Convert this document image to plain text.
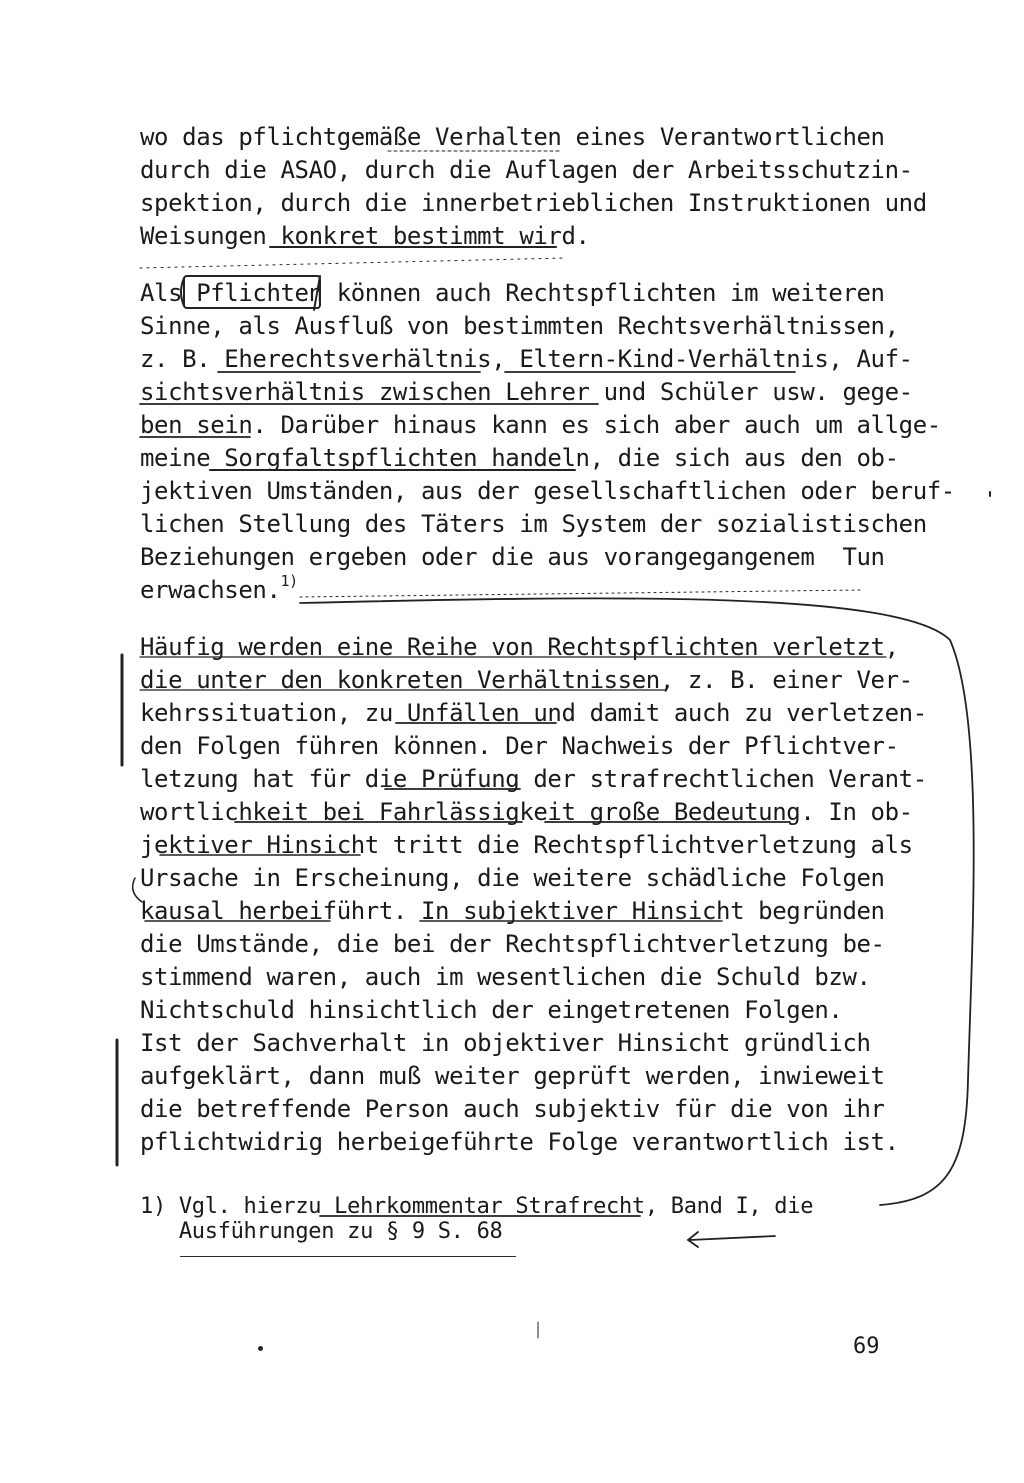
wo das pflichtgemäße Verhalten eines Verantwortlichen

durch die ASAO, durch die Auflagen der Arbeitsschutzin-

spektion, durch die innerbetrieblichen Instruktionen und

Weisungen konkret bestimmt wird.

Als Pflichten können auch Rechtspflichten im weiteren

Sinne, als Ausfluß von bestimmten Rechtsverhältnissen,

z. B. Eherechtsverhältnis, Eltern-Kind-Verhältnis, Auf-

sichtsverhältnis zwischen Lehrer und Schüler usw. gege-

ben sein. Darüber hinaus kann es sich aber auch um allge-

meine Sorgfaltspflichten handeln, die sich aus den ob-

jektiven Umständen, aus der gesellschaftlichen oder beruf-

lichen Stellung des Täters im System der sozialistischen

Beziehungen ergeben oder die aus vorangegangenem  Tun

erwachsen.$^{1)}$

Häufig werden eine Reihe von Rechtspflichten verletzt,

die unter den konkreten Verhältnissen, z. B. einer Ver-

kehrssituation, zu Unfällen und damit auch zu verletzen-

den Folgen führen können. Der Nachweis der Pflichtver-

letzung hat für die Prüfung der strafrechtlichen Verant-

wortlichkeit bei Fahrlässigkeit große Bedeutung. In ob-

jektiver Hinsicht tritt die Rechtspflichtverletzung als

Ursache in Erscheinung, die weitere schädliche Folgen

kausal herbeiführt. In subjektiver Hinsicht begründen

die Umstände, die bei der Rechtspflichtverletzung be-

stimmend waren, auch im wesentlichen die Schuld bzw.

Nichtschuld hinsichtlich der eingetretenen Folgen.

Ist der Sachverhalt in objektiver Hinsicht gründlich

aufgeklärt, dann muß weiter geprüft werden, inwieweit

die betreffende Person auch subjektiv für die von ihr

pflichtwidrig herbeigeführte Folge verantwortlich ist.

1) Vgl. hierzu Lehrkommentar Strafrecht, Band I, die

Ausführungen zu § 9 S. 68

69
